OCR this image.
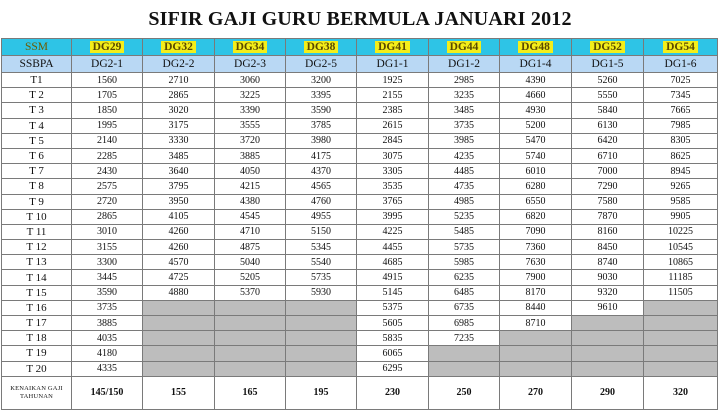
SIFIR GAJI GURU BERMULA JANUARI 2012
SSM	DG29	DG32	DG34	DG38	DG41	DG44	DG48	DG52	DG54
SSBPA	DG2-1	DG2-2	DG2-3	DG2-5	DG1-1	DG1-2	DG1-4	DG1-5	DG1-6
T1	1560	2710	3060	3200	1925	2985	4390	5260	7025
T 2	1705	2865	3225	3395	2155	3235	4660	5550	7345
T 3	1850	3020	3390	3590	2385	3485	4930	5840	7665
T 4	1995	3175	3555	3785	2615	3735	5200	6130	7985
T 5	2140	3330	3720	3980	2845	3985	5470	6420	8305
T 6	2285	3485	3885	4175	3075	4235	5740	6710	8625
T 7	2430	3640	4050	4370	3305	4485	6010	7000	8945
T 8	2575	3795	4215	4565	3535	4735	6280	7290	9265
T 9	2720	3950	4380	4760	3765	4985	6550	7580	9585
T 10	2865	4105	4545	4955	3995	5235	6820	7870	9905
T 11	3010	4260	4710	5150	4225	5485	7090	8160	10225
T 12	3155	4260	4875	5345	4455	5735	7360	8450	10545
T 13	3300	4570	5040	5540	4685	5985	7630	8740	10865
T 14	3445	4725	5205	5735	4915	6235	7900	9030	11185
T 15	3590	4880	5370	5930	5145	6485	8170	9320	11505
T 16	3735				5375	6735	8440	9610	
T 17	3885				5605	6985	8710		
T 18	4035				5835	7235			
T 19	4180				6065				
T 20	4335				6295				
KENAIKAN GAJI TAHUNAN	145/150	155	165	195	230	250	270	290	320
